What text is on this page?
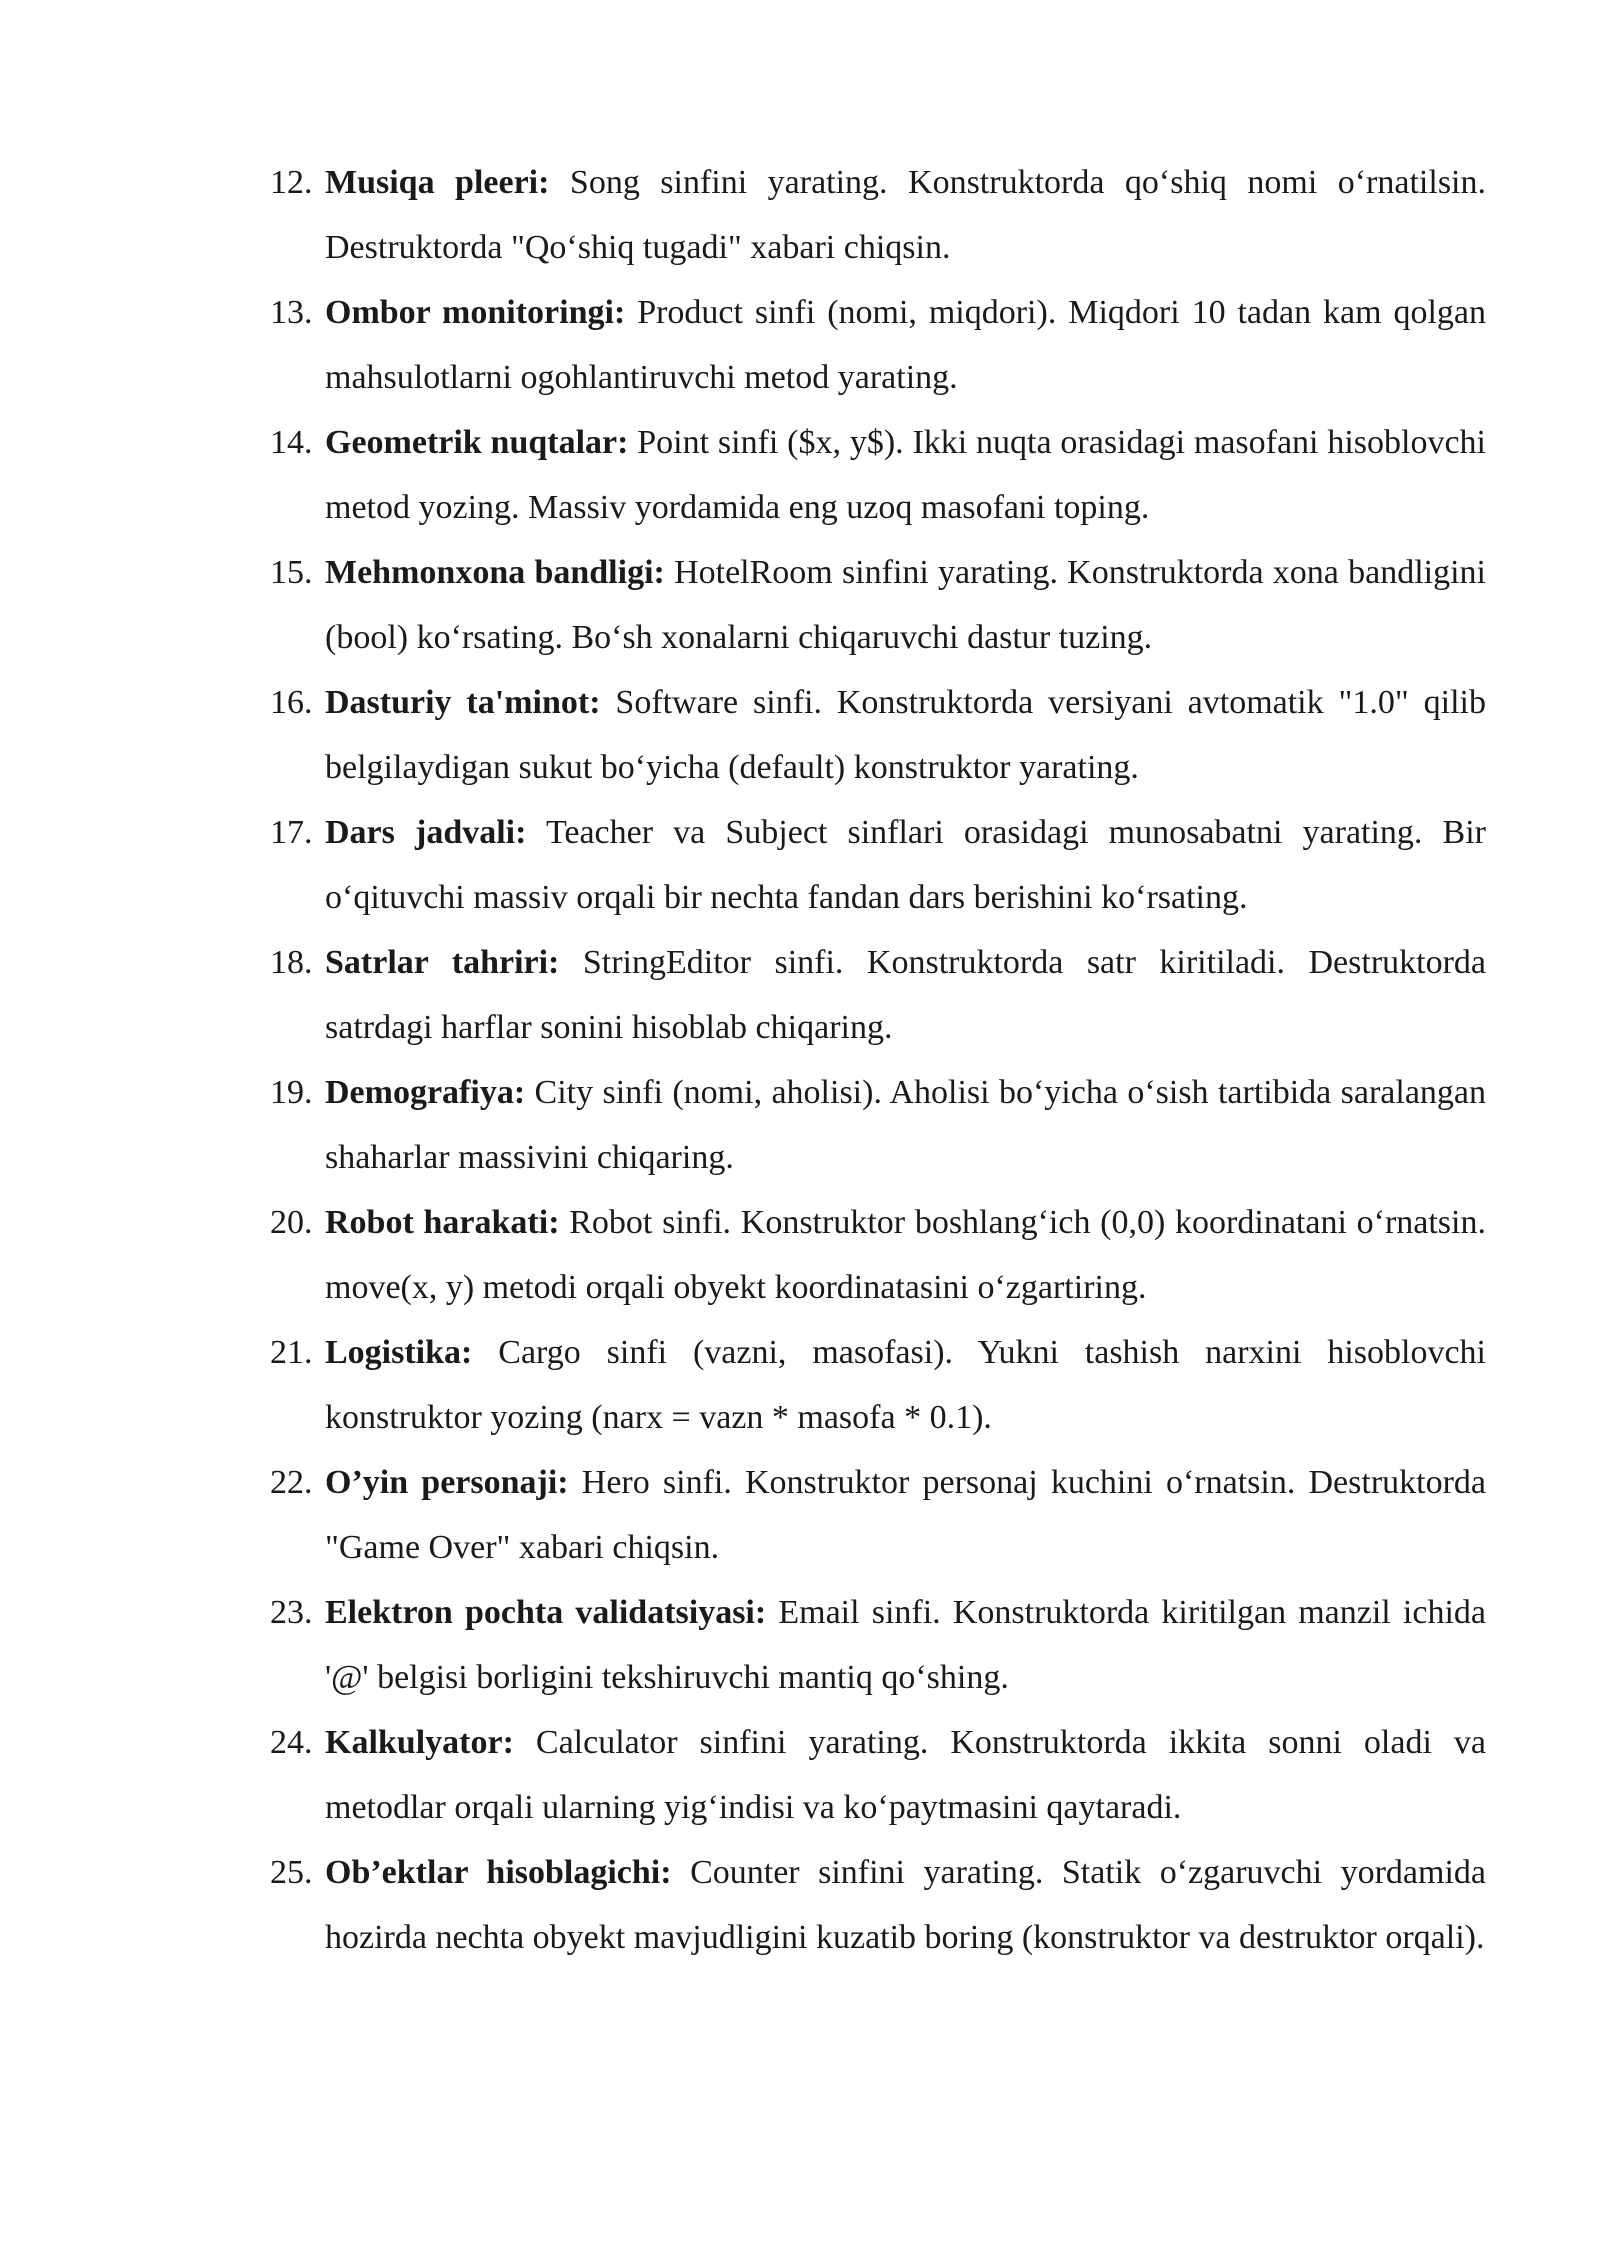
12. Musiqa pleeri: Song sinfini yarating. Konstruktorda qo‘shiq nomi o‘rnatilsin. Destruktorda "Qo‘shiq tugadi" xabari chiqsin.
13. Ombor monitoringi: Product sinfi (nomi, miqdori). Miqdori 10 tadan kam qolgan mahsulotlarni ogohlantiruvchi metod yarating.
14. Geometrik nuqtalar: Point sinfi ($x, y$). Ikki nuqta orasidagi masofani hisoblovchi metod yozing. Massiv yordamida eng uzoq masofani toping.
15. Mehmonxona bandligi: HotelRoom sinfini yarating. Konstruktorda xona bandligini (bool) ko‘rsating. Bo‘sh xonalarni chiqaruvchi dastur tuzing.
16. Dasturiy ta'minot: Software sinfi. Konstruktorda versiyani avtomatik "1.0" qilib belgilaydigan sukut bo‘yicha (default) konstruktor yarating.
17. Dars jadvali: Teacher va Subject sinflari orasidagi munosabatni yarating. Bir o‘qituvchi massiv orqali bir nechta fandan dars berishini ko‘rsating.
18. Satrlar tahriri: StringEditor sinfi. Konstruktorda satr kiritiladi. Destruktorda satrdagi harflar sonini hisoblab chiqaring.
19. Demografiya: City sinfi (nomi, aholisi). Aholisi bo‘yicha o‘sish tartibida saralangan shaharlar massivini chiqaring.
20. Robot harakati: Robot sinfi. Konstruktor boshlang‘ich (0,0) koordinatani o‘rnatsin. move(x, y) metodi orqali obyekt koordinatasini o‘zgartiring.
21. Logistika: Cargo sinfi (vazni, masofasi). Yukni tashish narxini hisoblovchi konstruktor yozing (narx = vazn * masofa * 0.1).
22. O’yin personaji: Hero sinfi. Konstruktor personaj kuchini o‘rnatsin. Destruktorda "Game Over" xabari chiqsin.
23. Elektron pochta validatsiyasi: Email sinfi. Konstruktorda kiritilgan manzil ichida '@' belgisi borligini tekshiruvchi mantiq qo‘shing.
24. Kalkulyator: Calculator sinfini yarating. Konstruktorda ikkita sonni oladi va metodlar orqali ularning yig‘indisi va ko‘paytmasini qaytaradi.
25. Ob’ektlar hisoblagichi: Counter sinfini yarating. Statik o‘zgaruvchi yordamida hozirda nechta obyekt mavjudligini kuzatib boring (konstruktor va destruktor orqali).
